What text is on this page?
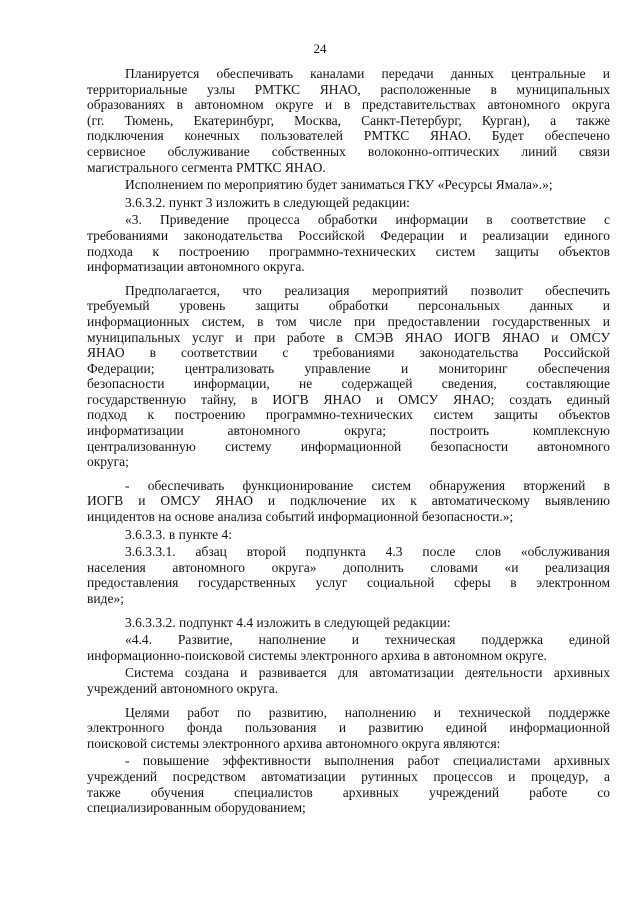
24

Планируется обеспечивать каналами передачи данных центральные и
территориальные узлы РМТКС ЯНАО, расположенные в муниципальных
образованиях в автономном округе и в представительствах автономного округа
(гг. Тюмень, Екатеринбург, Москва, Санкт-Петербург, Курган), а также
подключения конечных пользователей РМТКС ЯНАО. Будет обеспечено
сервисное обслуживание собственных волоконно-оптических линий связи
магистрального сегмента РМТКС ЯНАО.

Исполнением по мероприятию будет заниматься ГКУ «Ресурсы Ямала».»;

3.6.3.2. пункт 3 изложить в следующей редакции:

«3. Приведение процесса обработки информации в соответствие с
требованиями законодательства Российской Федерации и реализации единого
подхода к построению программно-технических систем защиты объектов
информатизации автономного округа.

Предполагается, что реализация мероприятий позволит обеспечить
требуемый уровень защиты обработки персональных данных и
информационных систем, в том числе при предоставлении государственных и
муниципальных услуг и при работе в СМЭВ ЯНАО ИОГВ ЯНАО и ОМСУ
ЯНАО в соответствии с требованиями законодательства Российской
Федерации; централизовать управление и мониторинг обеспечения
безопасности информации, не содержащей сведения, составляющие
государственную тайну, в ИОГВ ЯНАО и ОМСУ ЯНАО; создать единый
подход к построению программно-технических систем защиты объектов
информатизации автономного округа; построить комплексную
централизованную систему информационной безопасности автономного
округа;

- обеспечивать функционирование систем обнаружения вторжений в
ИОГВ и ОМСУ ЯНАО и подключение их к автоматическому выявлению
инцидентов на основе анализа событий информационной безопасности.»;

3.6.3.3. в пункте 4:

3.6.3.3.1. абзац второй подпункта 4.3 после слов «обслуживания
населения автономного округа» дополнить словами «и реализация
предоставления государственных услуг социальной сферы в электронном
виде»;

3.6.3.3.2. подпункт 4.4 изложить в следующей редакции:

«4.4. Развитие, наполнение и техническая поддержка единой
информационно-поисковой системы электронного архива в автономном округе.

Система создана и развивается для автоматизации деятельности архивных
учреждений автономного округа.

Целями работ по развитию, наполнению и технической поддержке
электронного фонда пользования и развитию единой информационной
поисковой системы электронного архива автономного округа являются:

- повышение эффективности выполнения работ специалистами архивных
учреждений посредством автоматизации рутинных процессов и процедур, а
также обучения специалистов архивных учреждений работе со
специализированным оборудованием;
